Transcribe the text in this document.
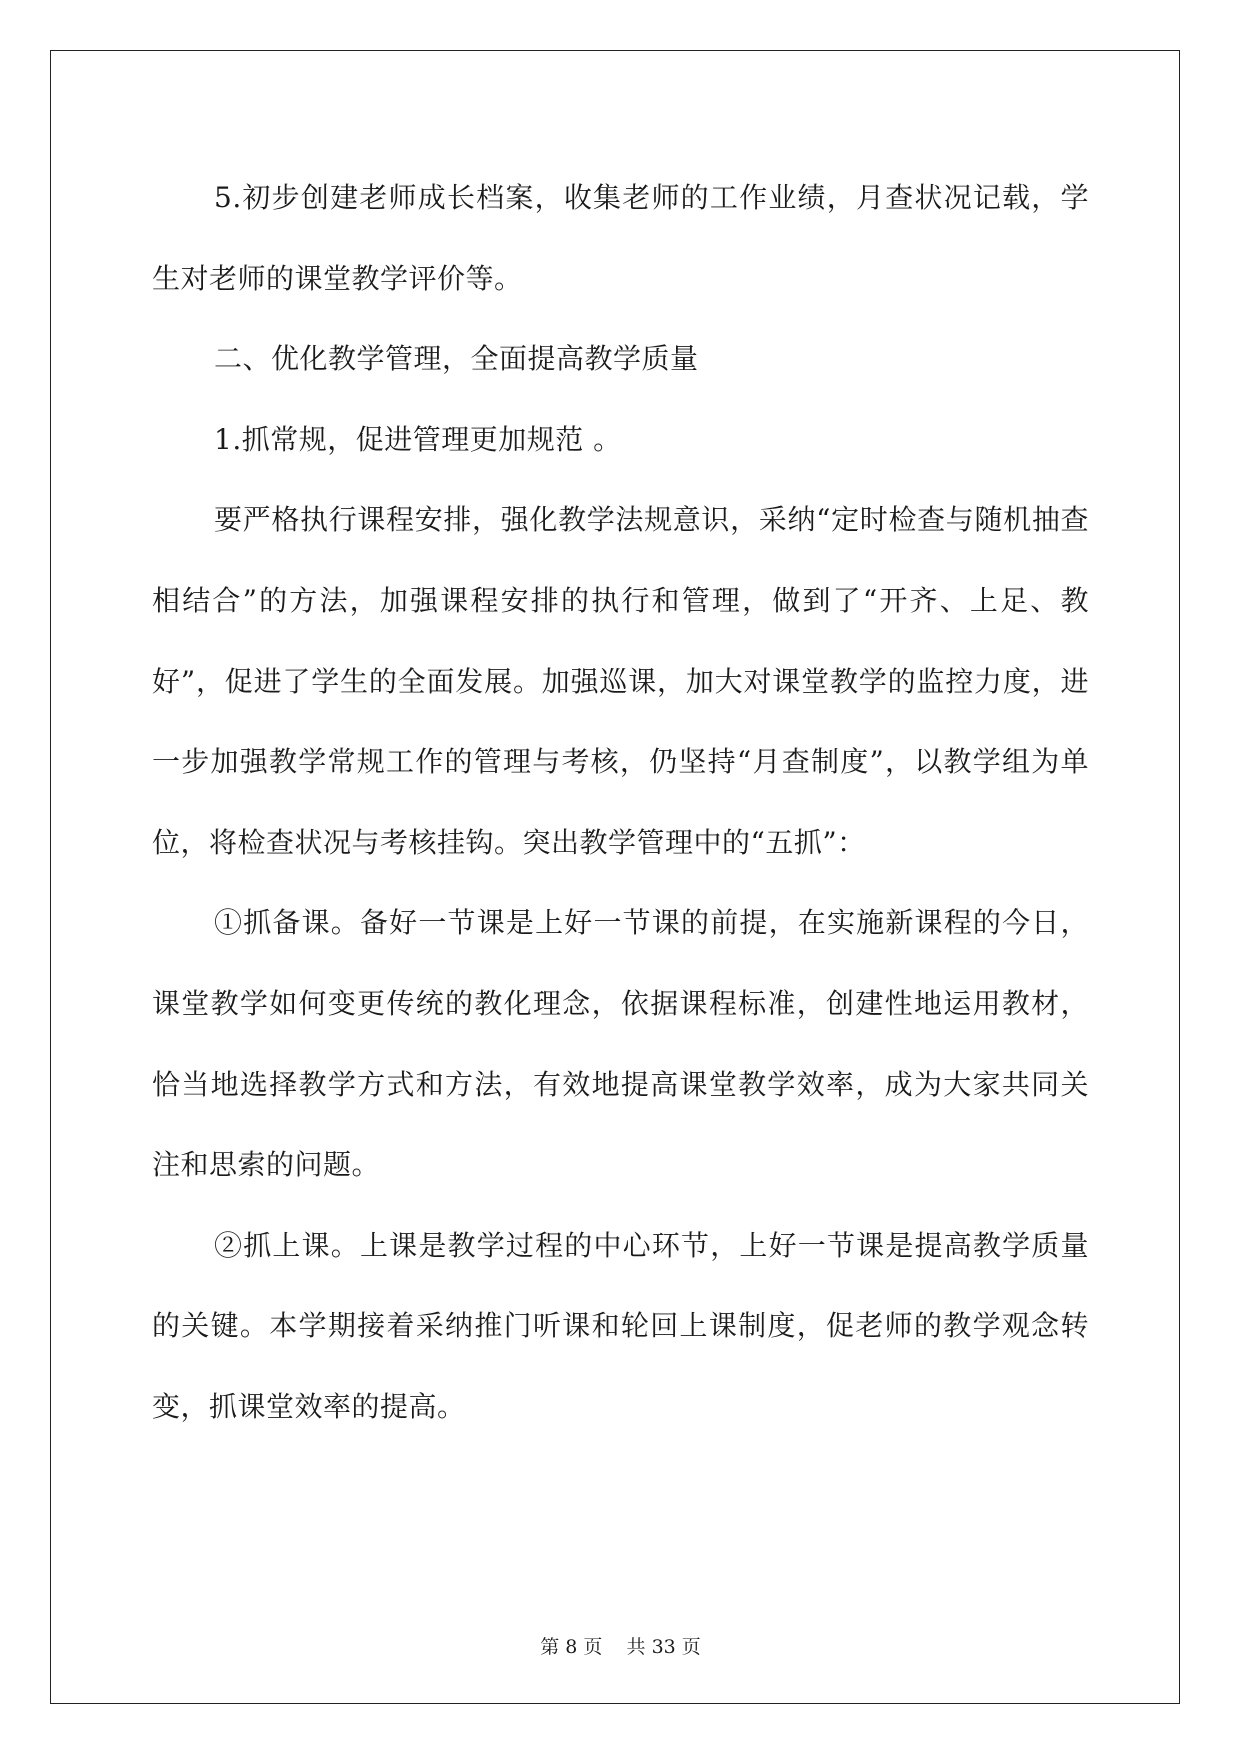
5.初步创建老师成长档案，收集老师的工作业绩，月查状况记载，学生对老师的课堂教学评价等。

二、优化教学管理，全面提高教学质量

1.抓常规，促进管理更加规范 。

要严格执行课程安排，强化教学法规意识，采纳“定时检查与随机抽查相结合”的方法，加强课程安排的执行和管理，做到了“开齐、上足、教好”，促进了学生的全面发展。加强巡课，加大对课堂教学的监控力度，进一步加强教学常规工作的管理与考核，仍坚持“月查制度”，以教学组为单位，将检查状况与考核挂钩。突出教学管理中的“五抓”：

①抓备课。备好一节课是上好一节课的前提，在实施新课程的今日，课堂教学如何变更传统的教化理念，依据课程标准，创建性地运用教材，恰当地选择教学方式和方法，有效地提高课堂教学效率，成为大家共同关注和思索的问题。

②抓上课。上课是教学过程的中心环节，上好一节课是提高教学质量的关键。本学期接着采纳推门听课和轮回上课制度，促老师的教学观念转变，抓课堂效率的提高。

第 8 页 共 33 页
